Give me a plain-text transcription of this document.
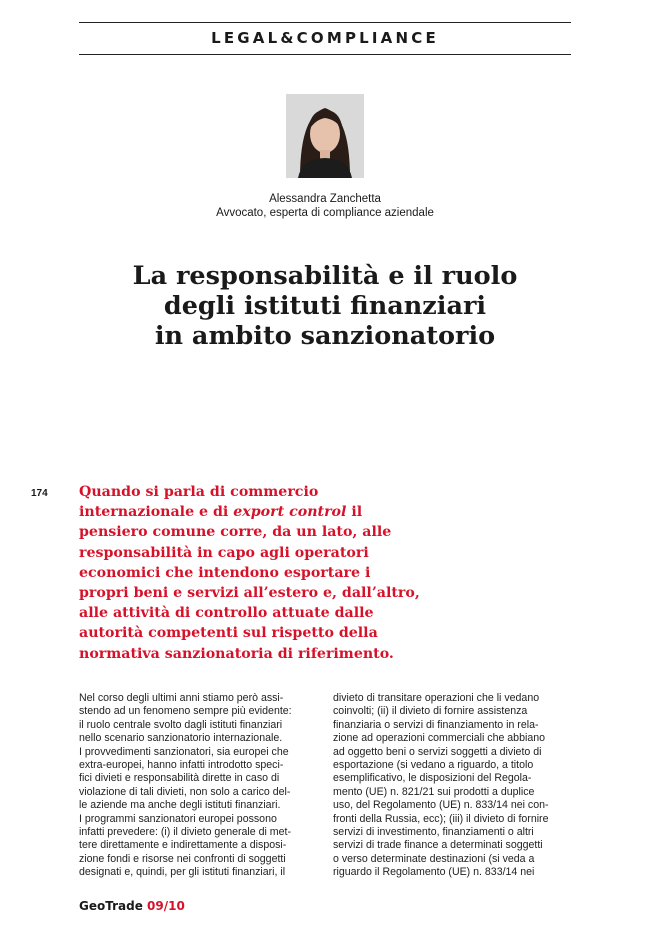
LEGAL&COMPLIANCE
Alessandra Zanchetta
Avvocato, esperta di compliance aziendale
La responsabilità e il ruolo
degli istituti finanziari
in ambito sanzionatorio
174 Quando si parla di commercio
internazionale e di export control il
pensiero comune corre, da un lato, alle
responsabilità in capo agli operatori
economici che intendono esportare i
propri beni e servizi all’estero e, dall’altro,
alle attività di controllo attuate dalle
autorità competenti sul rispetto della
normativa sanzionatoria di riferimento.
Nel corso degli ultimi anni stiamo però assi-
stendo ad un fenomeno sempre più evidente:
il ruolo centrale svolto dagli istituti finanziari
nello scenario sanzionatorio internazionale.
I provvedimenti sanzionatori, sia europei che
extra-europei, hanno infatti introdotto speci-
fici divieti e responsabilità dirette in caso di
violazione di tali divieti, non solo a carico del-
le aziende ma anche degli istituti finanziari.
I programmi sanzionatori europei possono
infatti prevedere: (i) il divieto generale di met-
tere direttamente e indirettamente a disposi-
zione fondi e risorse nei confronti di soggetti
designati e, quindi, per gli istituti finanziari, il
divieto di transitare operazioni che li vedano
coinvolti; (ii) il divieto di fornire assistenza
finanziaria o servizi di finanziamento in rela-
zione ad operazioni commerciali che abbiano
ad oggetto beni o servizi soggetti a divieto di
esportazione (si vedano a riguardo, a titolo
esemplificativo, le disposizioni del Regola-
mento (UE) n. 821/21 sui prodotti a duplice
uso, del Regolamento (UE) n. 833/14 nei con-
fronti della Russia, ecc); (iii) il divieto di fornire
servizi di investimento, finanziamenti o altri
servizi di trade finance a determinati soggetti
o verso determinate destinazioni (si veda a
riguardo il Regolamento (UE) n. 833/14 nei
GeoTrade 09/10
